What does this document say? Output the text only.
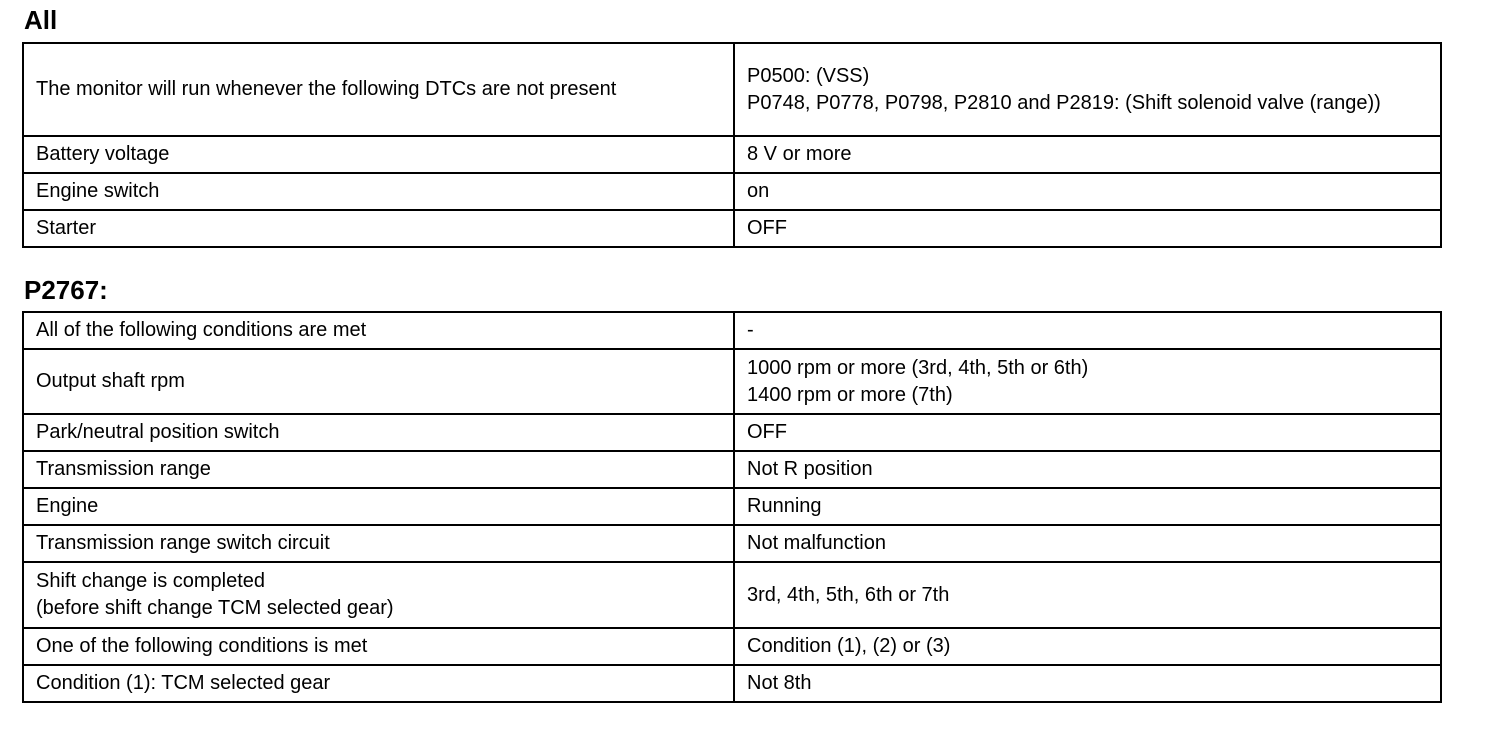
All
The monitor will run whenever the following DTCs are not present	P0500: (VSS)
P0748, P0778, P0798, P2810 and P2819: (Shift solenoid valve (range))
Battery voltage	8 V or more
Engine switch	on
Starter	OFF
P2767:
All of the following conditions are met	-
Output shaft rpm	1000 rpm or more (3rd, 4th, 5th or 6th)
1400 rpm or more (7th)
Park/neutral position switch	OFF
Transmission range	Not R position
Engine	Running
Transmission range switch circuit	Not malfunction
Shift change is completed
(before shift change TCM selected gear)	3rd, 4th, 5th, 6th or 7th
One of the following conditions is met	Condition (1), (2) or (3)
Condition (1): TCM selected gear	Not 8th
